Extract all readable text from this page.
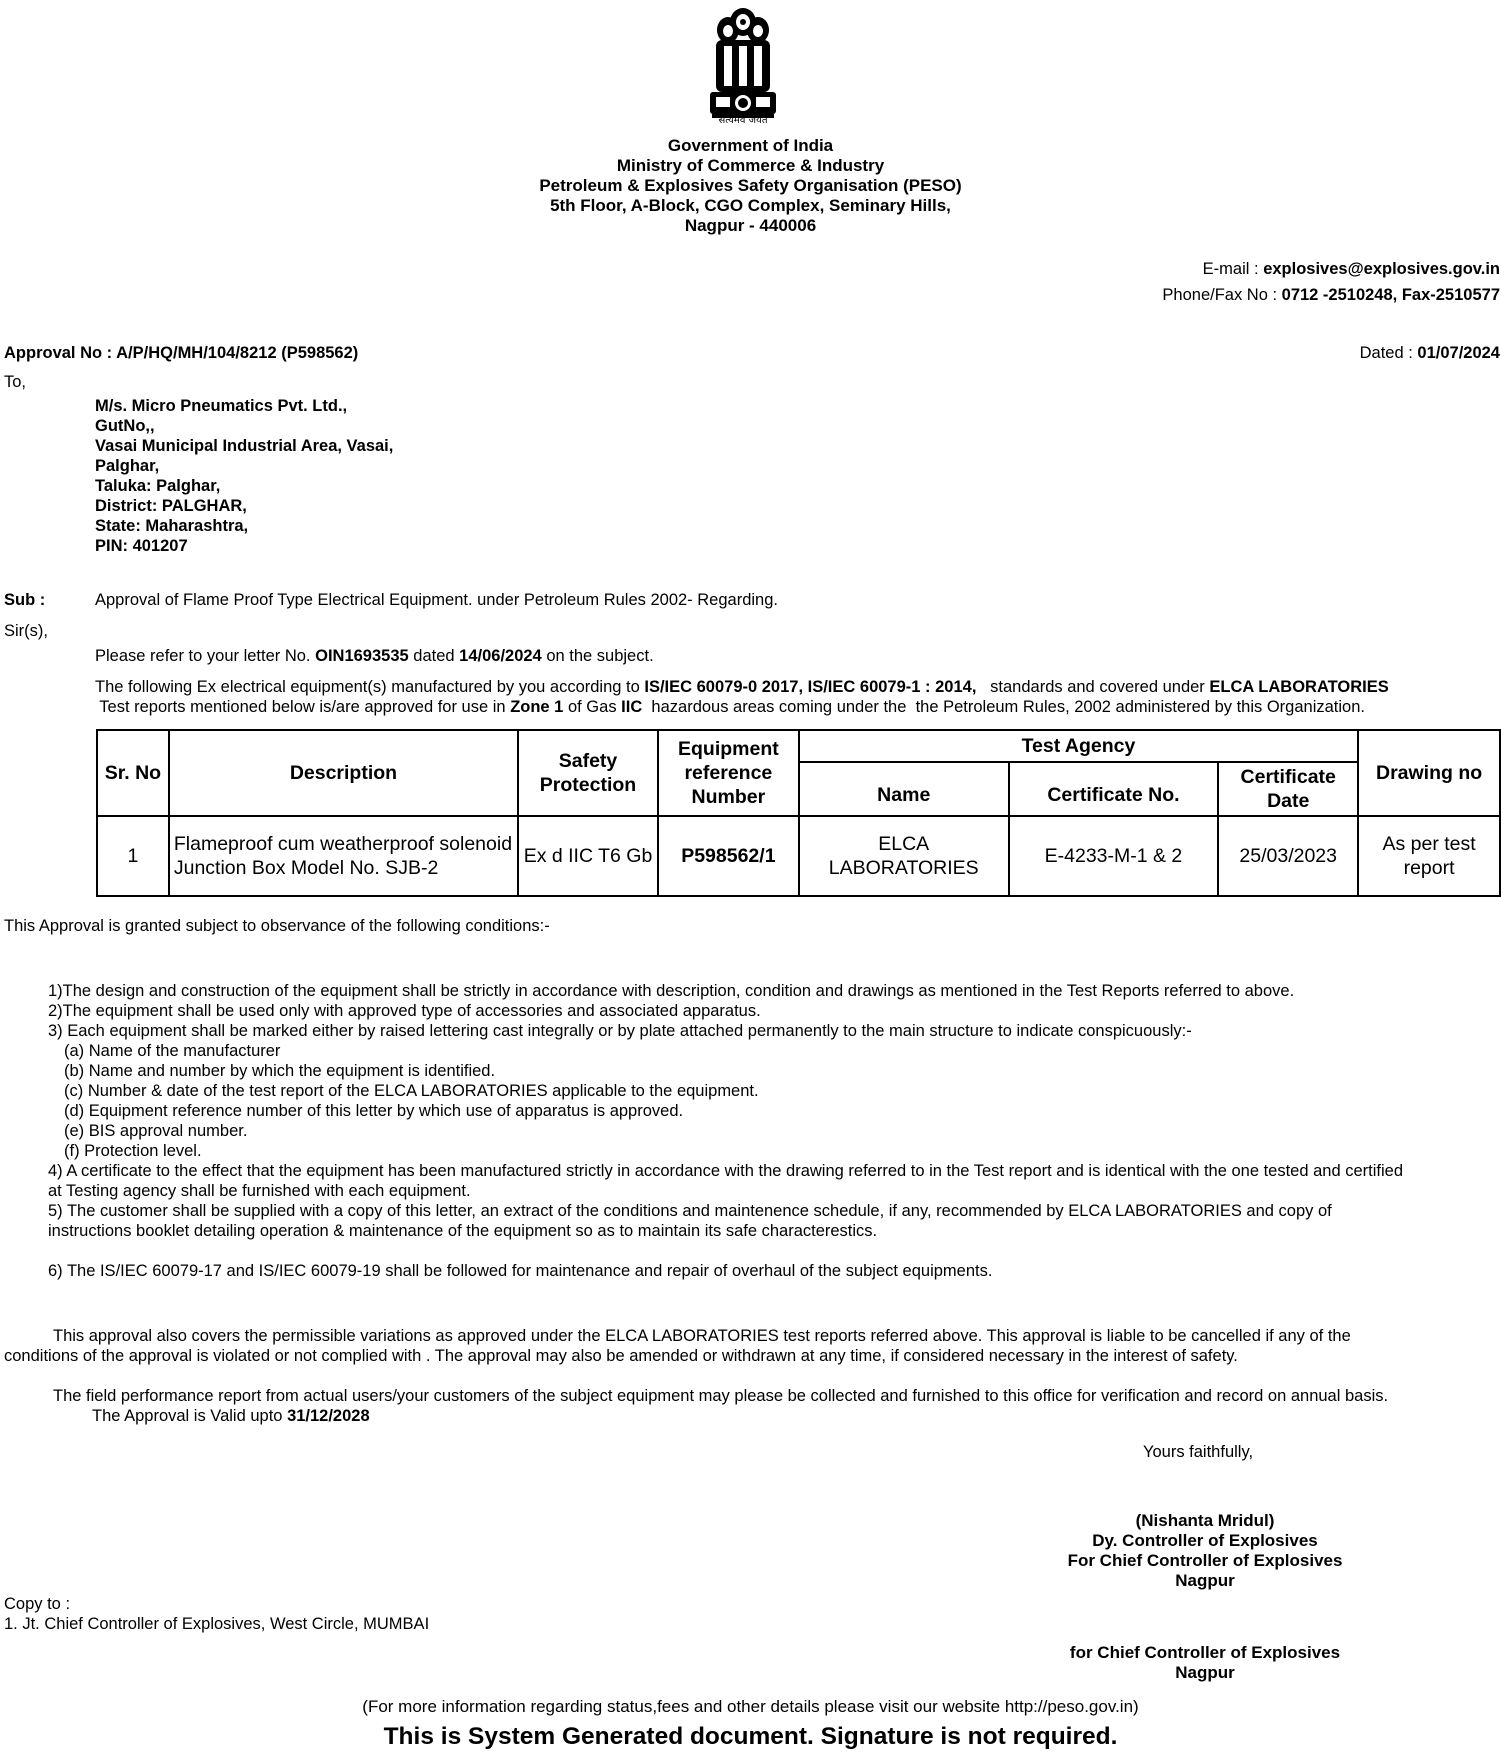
सत्यमेव जयते
Government of India
Ministry of Commerce & Industry
Petroleum & Explosives Safety Organisation (PESO)
5th Floor, A-Block, CGO Complex, Seminary Hills,
Nagpur - 440006
E-mail : explosives@explosives.gov.in
Phone/Fax No : 0712 -2510248, Fax-2510577
Approval No : A/P/HQ/MH/104/8212 (P598562)	Dated : 01/07/2024
To,
M/s. Micro Pneumatics Pvt. Ltd.,
GutNo,,
Vasai Municipal Industrial Area, Vasai,
Palghar,
Taluka: Palghar,
District: PALGHAR,
State: Maharashtra,
PIN: 401207
Sub :	Approval of Flame Proof Type Electrical Equipment. under Petroleum Rules 2002- Regarding.
Sir(s),
Please refer to your letter No. OIN1693535 dated 14/06/2024 on the subject.
The following Ex electrical equipment(s) manufactured by you according to IS/IEC 60079-0 2017, IS/IEC 60079-1 : 2014,   standards and covered under ELCA LABORATORIES
Test reports mentioned below is/are approved for use in Zone 1 of Gas IIC  hazardous areas coming under the  the Petroleum Rules, 2002 administered by this Organization.
Sr. No	Description	Safety Protection	Equipment reference Number	Test Agency			Drawing no
				Name	Certificate No.	Certificate Date	
1	Flameproof cum weatherproof solenoid Junction Box Model No. SJB-2	Ex d IIC T6 Gb	P598562/1	ELCA LABORATORIES	E-4233-M-1 & 2	25/03/2023	As per test report
This Approval is granted subject to observance of the following conditions:-
1)The design and construction of the equipment shall be strictly in accordance with description, condition and drawings as mentioned in the Test Reports referred to above.
2)The equipment shall be used only with approved type of accessories and associated apparatus.
3) Each equipment shall be marked either by raised lettering cast integrally or by plate attached permanently to the main structure to indicate conspicuously:-
(a) Name of the manufacturer
(b) Name and number by which the equipment is identified.
(c) Number & date of the test report of the ELCA LABORATORIES applicable to the equipment.
(d) Equipment reference number of this letter by which use of apparatus is approved.
(e) BIS approval number.
(f) Protection level.
4) A certificate to the effect that the equipment has been manufactured strictly in accordance with the drawing referred to in the Test report and is identical with the one tested and certified
at Testing agency shall be furnished with each equipment.
5) The customer shall be supplied with a copy of this letter, an extract of the conditions and maintenence schedule, if any, recommended by ELCA LABORATORIES and copy of
instructions booklet detailing operation & maintenance of the equipment so as to maintain its safe characterestics.
6) The IS/IEC 60079-17 and IS/IEC 60079-19 shall be followed for maintenance and repair of overhaul of the subject equipments.
This approval also covers the permissible variations as approved under the ELCA LABORATORIES test reports referred above. This approval is liable to be cancelled if any of the
conditions of the approval is violated or not complied with . The approval may also be amended or withdrawn at any time, if considered necessary in the interest of safety.
The field performance report from actual users/your customers of the subject equipment may please be collected and furnished to this office for verification and record on annual basis.
The Approval is Valid upto 31/12/2028
Yours faithfully,
(Nishanta Mridul)
Dy. Controller of Explosives
For Chief Controller of Explosives
Nagpur
Copy to :
1. Jt. Chief Controller of Explosives, West Circle, MUMBAI
for Chief Controller of Explosives
Nagpur
(For more information regarding status,fees and other details please visit our website http://peso.gov.in)
This is System Generated document. Signature is not required.
